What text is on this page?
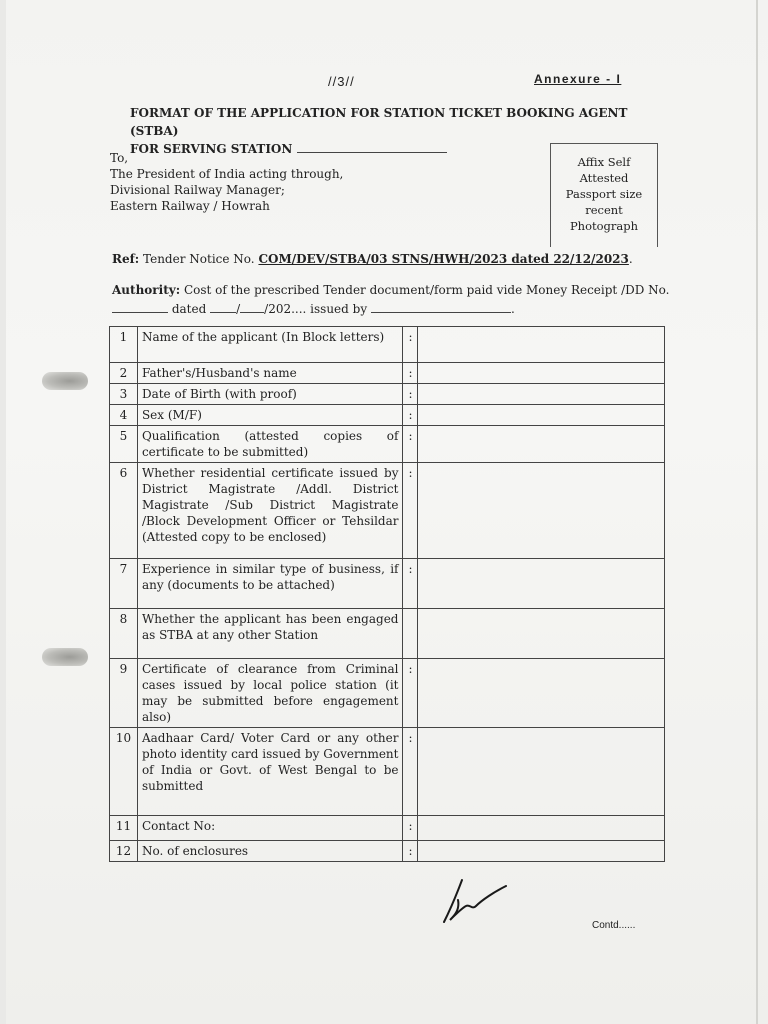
//3//	Annexure - I
FORMAT OF THE APPLICATION FOR STATION TICKET BOOKING AGENT (STBA)
FOR SERVING STATION
To,
The President of India acting through,
Divisional Railway Manager;
Eastern Railway / Howrah
Affix Self
Attested
Passport size
recent
Photograph
Ref: Tender Notice No. COM/DEV/STBA/03 STNS/HWH/2023 dated 22/12/2023.
Authority: Cost of the prescribed Tender document/form paid vide Money Receipt /DD No.
dated / /202.... issued by	.
1	Name of the applicant (In Block letters)	:	
2	Father's/Husband's name	:	
3	Date of Birth (with proof)	:	
4	Sex (M/F)	:	
5	Qualification (attested copies of certificate to be submitted)	:	
6	Whether residential certificate issued by District Magistrate /Addl. District Magistrate /Sub District Magistrate /Block Development Officer or Tehsildar (Attested copy to be enclosed)	:	
7	Experience in similar type of business, if any (documents to be attached)	:	
8	Whether the applicant has been engaged as STBA at any other Station		
9	Certificate of clearance from Criminal cases issued by local police station (it may be submitted before engagement also)	:	
10	Aadhaar Card/ Voter Card or any other photo identity card issued by Government of India or Govt. of West Bengal to be submitted	:	
11	Contact No:	:	
12	No. of enclosures	:	
Contd......
